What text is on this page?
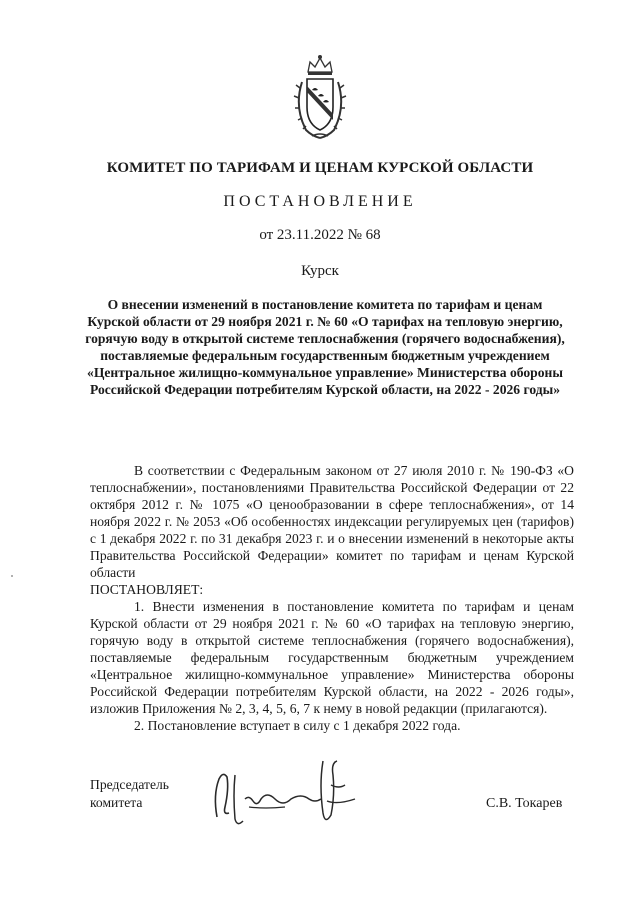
КОМИТЕТ ПО ТАРИФАМ И ЦЕНАМ КУРСКОЙ ОБЛАСТИ
ПОСТАНОВЛЕНИЕ
от 23.11.2022 № 68
Курск
О внесении изменений в постановление комитета по тарифам и ценам Курской области от 29 ноября 2021 г. № 60 «О тарифах на тепловую энергию, горячую воду в открытой системе теплоснабжения (горячего водоснабжения), поставляемые федеральным государственным бюджетным учреждением «Центральное жилищно-коммунальное управление» Министерства обороны Российской Федерации потребителям Курской области, на 2022 - 2026 годы»

В соответствии с Федеральным законом от 27 июля 2010 г. № 190-ФЗ «О теплоснабжении», постановлениями Правительства Российской Федерации от 22 октября 2012 г. № 1075 «О ценообразовании в сфере теплоснабжения», от 14 ноября 2022 г. № 2053 «Об особенностях индексации регулируемых цен (тарифов) с 1 декабря 2022 г. по 31 декабря 2023 г. и о внесении изменений в некоторые акты Правительства Российской Федерации» комитет по тарифам и ценам Курской области

ПОСТАНОВЛЯЕТ:

1. Внести изменения в постановление комитета по тарифам и ценам Курской области от 29 ноября 2021 г. № 60 «О тарифах на тепловую энергию, горячую воду в открытой системе теплоснабжения (горячего водоснабжения), поставляемые федеральным государственным бюджетным учреждением «Центральное жилищно-коммунальное управление» Министерства обороны Российской Федерации потребителям Курской области, на 2022 - 2026 годы», изложив Приложения № 2, 3, 4, 5, 6, 7 к нему в новой редакции (прилагаются).

2. Постановление вступает в силу с 1 декабря 2022 года.

Председатель
комитета	С.В. Токарев
